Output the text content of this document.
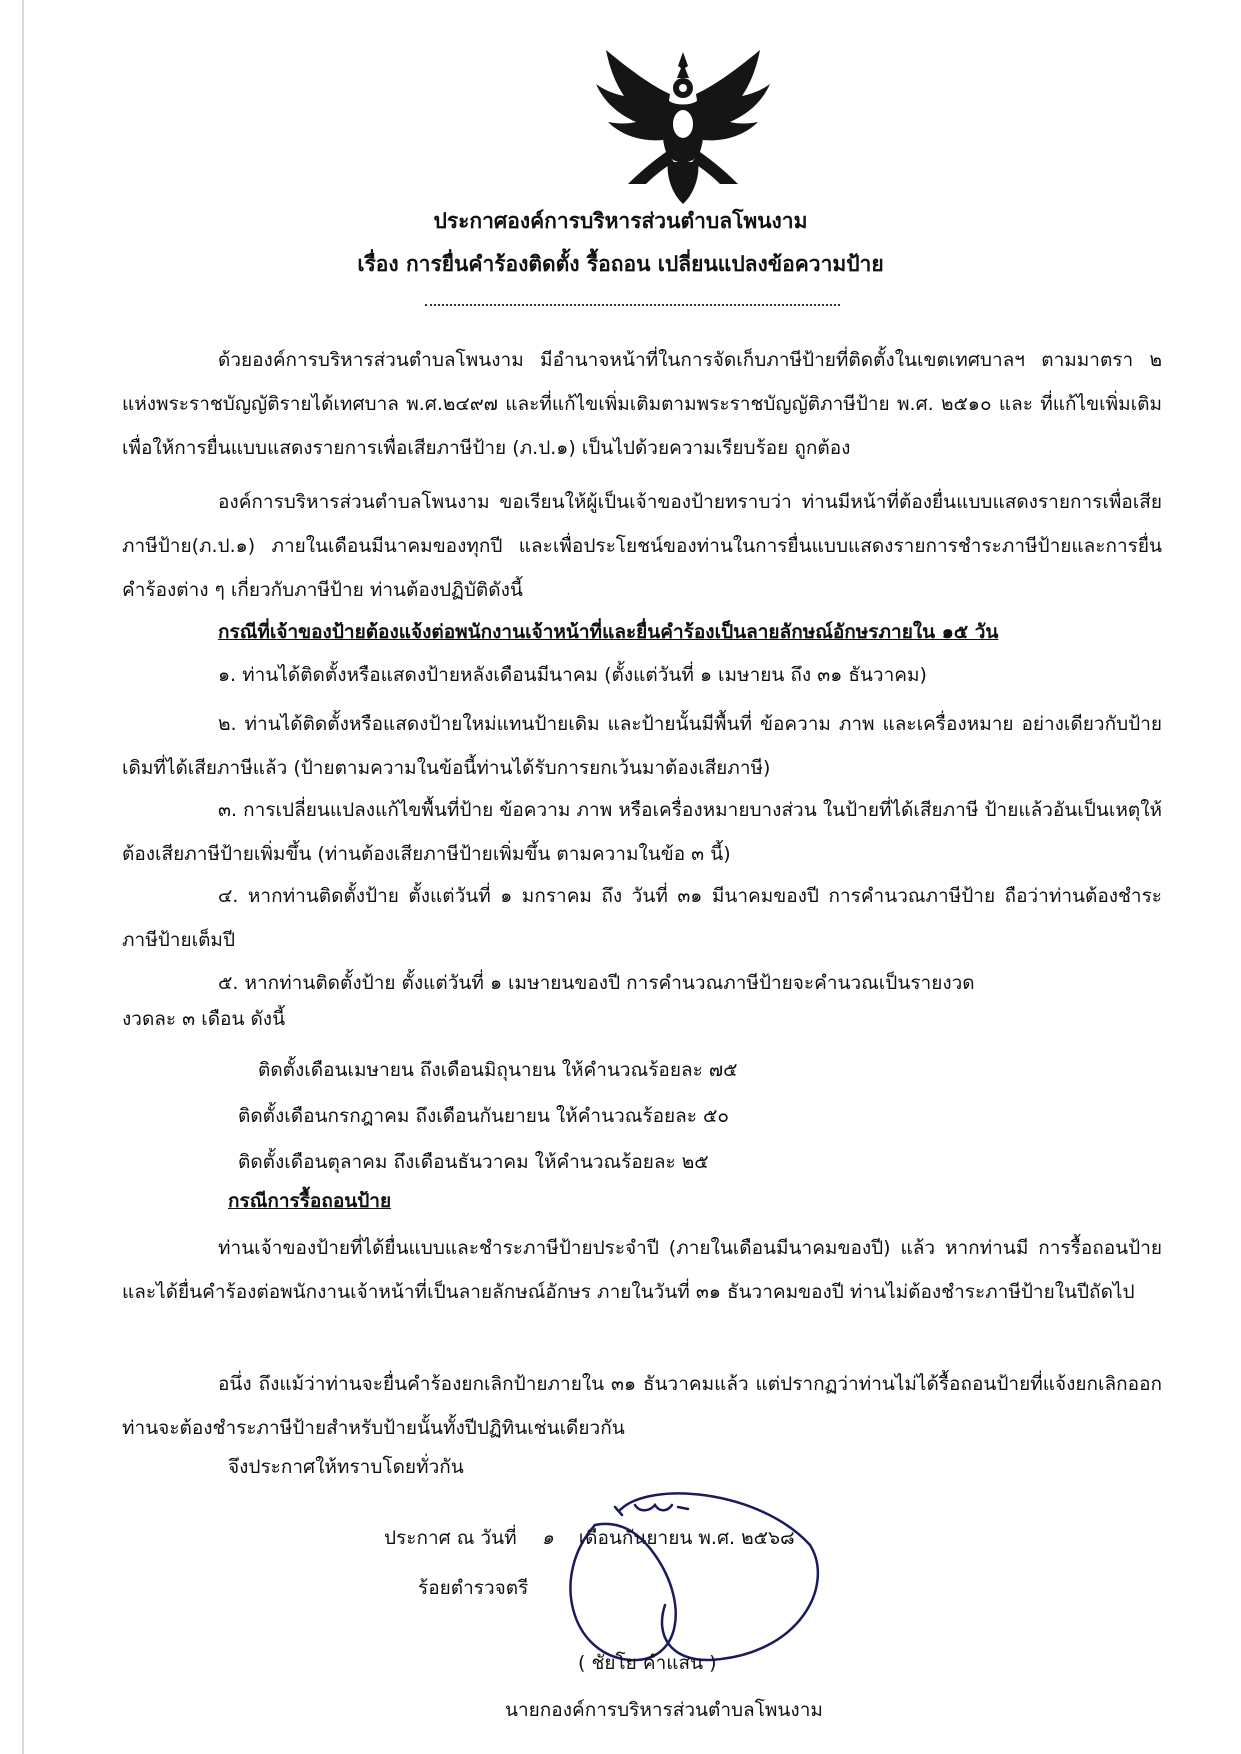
ประกาศองค์การบริหารส่วนตำบลโพนงาม
เรื่อง การยื่นคำร้องติดตั้ง รื้อถอน เปลี่ยนแปลงข้อความป้าย
ด้วยองค์การบริหารส่วนตำบลโพนงาม มีอำนาจหน้าที่ในการจัดเก็บภาษีป้ายที่ติดตั้งในเขตเทศบาลฯ ตามมาตรา ๒ แห่งพระราชบัญญัติรายได้เทศบาล พ.ศ.๒๔๙๗ และที่แก้ไขเพิ่มเติมตามพระราชบัญญัติภาษีป้าย พ.ศ. ๒๕๑๐ และ ที่แก้ไขเพิ่มเติม เพื่อให้การยื่นแบบแสดงรายการเพื่อเสียภาษีป้าย (ภ.ป.๑) เป็นไปด้วยความเรียบร้อย ถูกต้อง
องค์การบริหารส่วนตำบลโพนงาม ขอเรียนให้ผู้เป็นเจ้าของป้ายทราบว่า ท่านมีหน้าที่ต้องยื่นแบบแสดงรายการเพื่อเสียภาษีป้าย(ภ.ป.๑) ภายในเดือนมีนาคมของทุกปี และเพื่อประโยชน์ของท่านในการยื่นแบบแสดงรายการชำระภาษีป้ายและการยื่นคำร้องต่าง ๆ เกี่ยวกับภาษีป้าย ท่านต้องปฏิบัติดังนี้
กรณีที่เจ้าของป้ายต้องแจ้งต่อพนักงานเจ้าหน้าที่และยื่นคำร้องเป็นลายลักษณ์อักษรภายใน ๑๕ วัน
๑. ท่านได้ติดตั้งหรือแสดงป้ายหลังเดือนมีนาคม (ตั้งแต่วันที่ ๑ เมษายน ถึง ๓๑ ธันวาคม)
๒. ท่านได้ติดตั้งหรือแสดงป้ายใหม่แทนป้ายเดิม และป้ายนั้นมีพื้นที่ ข้อความ ภาพ และเครื่องหมาย อย่างเดียวกับป้ายเดิมที่ได้เสียภาษีแล้ว (ป้ายตามความในข้อนี้ท่านได้รับการยกเว้นมาต้องเสียภาษี)
๓. การเปลี่ยนแปลงแก้ไขพื้นที่ป้าย ข้อความ ภาพ หรือเครื่องหมายบางส่วน ในป้ายที่ได้เสียภาษี ป้ายแล้วอันเป็นเหตุให้ต้องเสียภาษีป้ายเพิ่มขึ้น (ท่านต้องเสียภาษีป้ายเพิ่มขึ้น ตามความในข้อ ๓ นี้)
๔. หากท่านติดตั้งป้าย ตั้งแต่วันที่ ๑ มกราคม ถึง วันที่ ๓๑ มีนาคมของปี การคำนวณภาษีป้าย ถือว่าท่านต้องชำระภาษีป้ายเต็มปี
๕. หากท่านติดตั้งป้าย ตั้งแต่วันที่ ๑ เมษายนของปี การคำนวณภาษีป้ายจะคำนวณเป็นรายงวด
งวดละ ๓ เดือน ดังนี้
ติดตั้งเดือนเมษายน ถึงเดือนมิถุนายน ให้คำนวณร้อยละ ๗๕
ติดตั้งเดือนกรกฎาคม ถึงเดือนกันยายน ให้คำนวณร้อยละ ๕๐
ติดตั้งเดือนตุลาคม ถึงเดือนธันวาคม ให้คำนวณร้อยละ ๒๕
กรณีการรื้อถอนป้าย
ท่านเจ้าของป้ายที่ได้ยื่นแบบและชำระภาษีป้ายประจำปี (ภายในเดือนมีนาคมของปี) แล้ว หากท่านมี การรื้อถอนป้ายและได้ยื่นคำร้องต่อพนักงานเจ้าหน้าที่เป็นลายลักษณ์อักษร ภายในวันที่ ๓๑ ธันวาคมของปี ท่านไม่ต้องชำระภาษีป้ายในปีถัดไป
อนึ่ง ถึงแม้ว่าท่านจะยื่นคำร้องยกเลิกป้ายภายใน ๓๑ ธันวาคมแล้ว แต่ปรากฏว่าท่านไม่ได้รื้อถอนป้ายที่แจ้งยกเลิกออก ท่านจะต้องชำระภาษีป้ายสำหรับป้ายนั้นทั้งปีปฏิทินเช่นเดียวกัน
จึงประกาศให้ทราบโดยทั่วกัน
ประกาศ ณ วันที่ ๑ เดือนกันยายน พ.ศ. ๒๕๖๘
ร้อยตำรวจตรี
( ชัยโย คำแสน )
นายกองค์การบริหารส่วนตำบลโพนงาม
